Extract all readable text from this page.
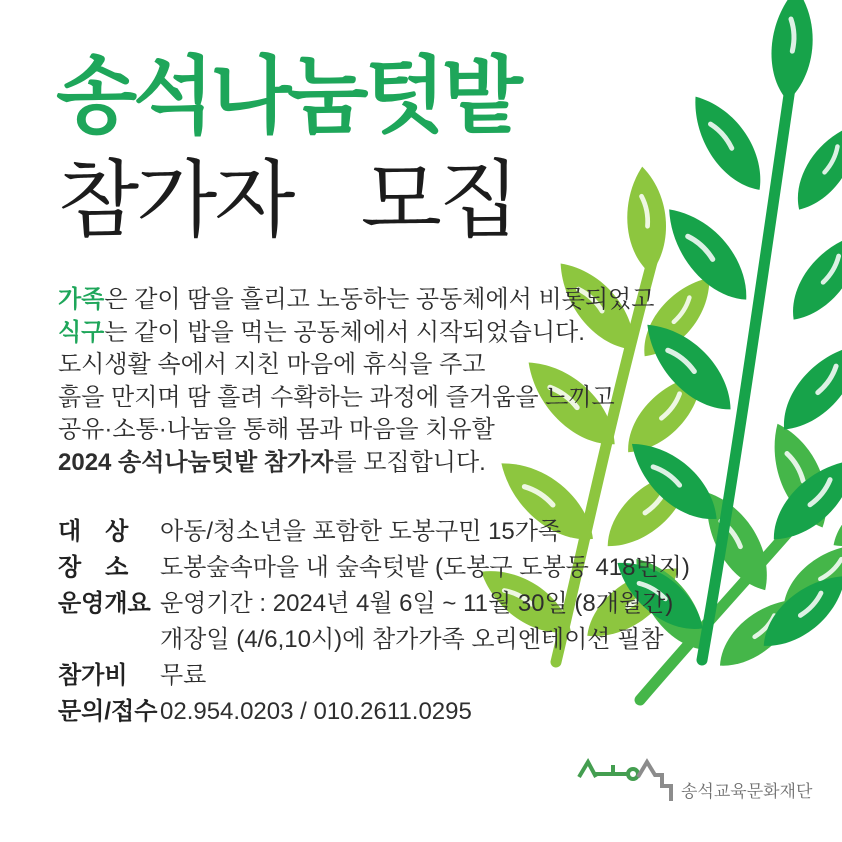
송석나눔텃밭
참가자 모집

가족은 같이 땀을 흘리고 노동하는 공동체에서 비롯되었고

식구는 같이 밥을 먹는 공동체에서 시작되었습니다.

도시생활 속에서 지친 마음에 휴식을 주고

흙을 만지며 땀 흘려 수확하는 과정에 즐거움을 느끼고

공유·소통·나눔을 통해 몸과 마음을 치유할

2024 송석나눔텃밭 참가자를 모집합니다.

대　상	아동/청소년을 포함한 도봉구민 15가족
장　소	도봉숲속마을 내 숲속텃밭 (도봉구 도봉동 418번지)
운영개요 운영기간 : 2024년 4월 6일 ~ 11월 30일 (8개월간)
개장일 (4/6,10시)에 참가가족 오리엔테이션 필참
참가비	무료
문의/접수 02.954.0203 / 010.2611.0295
송석교육문화재단
